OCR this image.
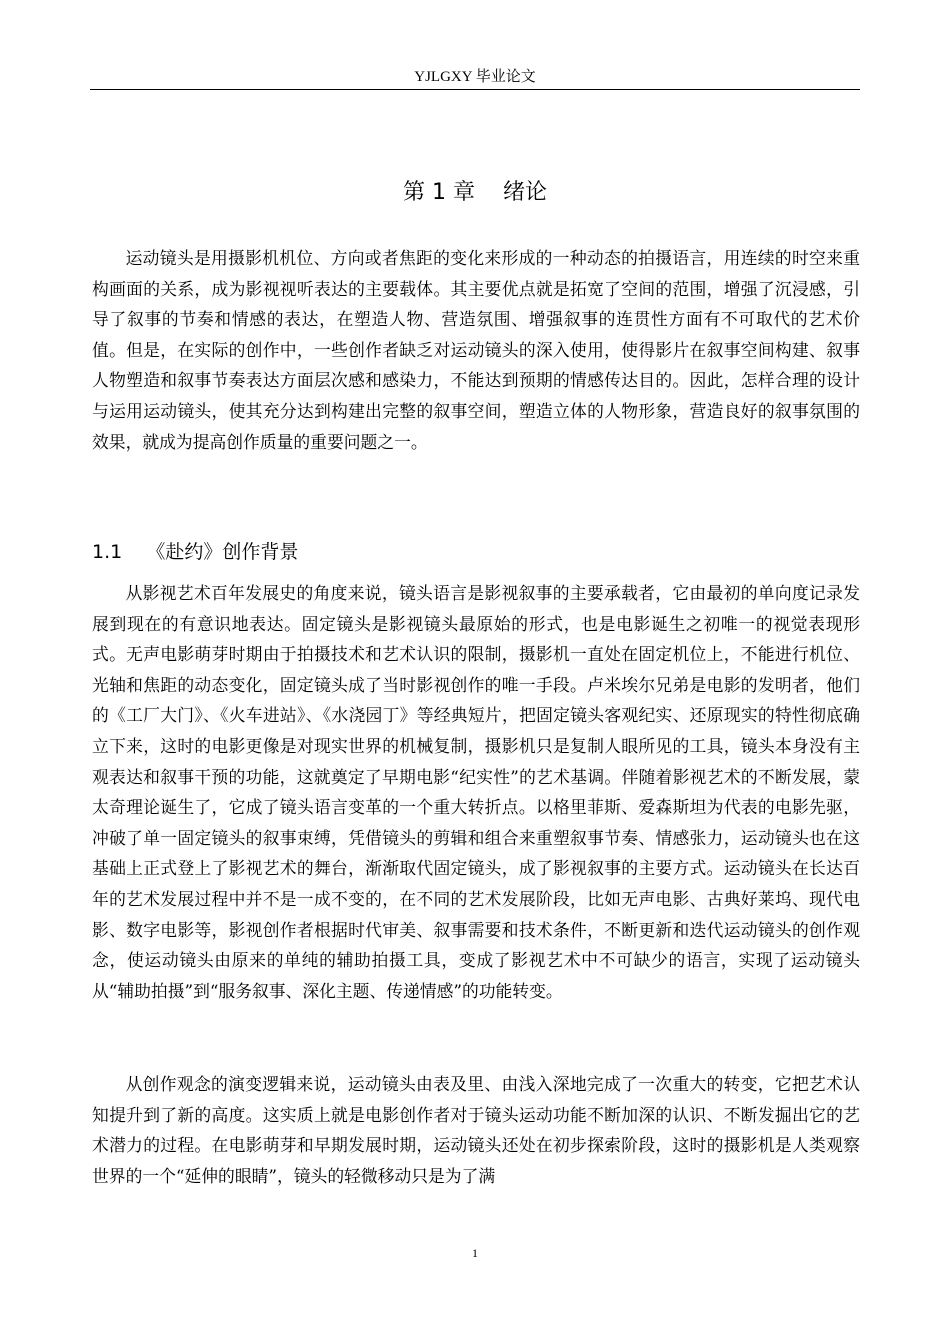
YJLGXY 毕业论文
第 1 章    绪论

运动镜头是用摄影机机位、方向或者焦距的变化来形成的一种动态的拍摄语言，用连续的时空来重构画面的关系，成为影视视听表达的主要载体。其主要优点就是拓宽了空间的范围，增强了沉浸感，引导了叙事的节奏和情感的表达，在塑造人物、营造氛围、增强叙事的连贯性方面有不可取代的艺术价值。但是，在实际的创作中，一些创作者缺乏对运动镜头的深入使用，使得影片在叙事空间构建、叙事人物塑造和叙事节奏表达方面层次感和感染力，不能达到预期的情感传达目的。因此，怎样合理的设计与运用运动镜头，使其充分达到构建出完整的叙事空间，塑造立体的人物形象，营造良好的叙事氛围的效果，就成为提高创作质量的重要问题之一。

1.1    《赴约》创作背景

从影视艺术百年发展史的角度来说，镜头语言是影视叙事的主要承载者，它由最初的单向度记录发展到现在的有意识地表达。固定镜头是影视镜头最原始的形式，也是电影诞生之初唯一的视觉表现形式。无声电影萌芽时期由于拍摄技术和艺术认识的限制，摄影机一直处在固定机位上，不能进行机位、光轴和焦距的动态变化，固定镜头成了当时影视创作的唯一手段。卢米埃尔兄弟是电影的发明者，他们的《工厂大门》、《火车进站》、《水浇园丁》等经典短片，把固定镜头客观纪实、还原现实的特性彻底确立下来，这时的电影更像是对现实世界的机械复制，摄影机只是复制人眼所见的工具，镜头本身没有主观表达和叙事干预的功能，这就奠定了早期电影“纪实性”的艺术基调。伴随着影视艺术的不断发展，蒙太奇理论诞生了，它成了镜头语言变革的一个重大转折点。以格里菲斯、爱森斯坦为代表的电影先驱，冲破了单一固定镜头的叙事束缚，凭借镜头的剪辑和组合来重塑叙事节奏、情感张力，运动镜头也在这基础上正式登上了影视艺术的舞台，渐渐取代固定镜头，成了影视叙事的主要方式。运动镜头在长达百年的艺术发展过程中并不是一成不变的，在不同的艺术发展阶段，比如无声电影、古典好莱坞、现代电影、数字电影等，影视创作者根据时代审美、叙事需要和技术条件，不断更新和迭代运动镜头的创作观念，使运动镜头由原来的单纯的辅助拍摄工具，变成了影视艺术中不可缺少的语言，实现了运动镜头从“辅助拍摄”到“服务叙事、深化主题、传递情感”的功能转变。

从创作观念的演变逻辑来说，运动镜头由表及里、由浅入深地完成了一次重大的转变，它把艺术认知提升到了新的高度。这实质上就是电影创作者对于镜头运动功能不断加深的认识、不断发掘出它的艺术潜力的过程。在电影萌芽和早期发展时期，运动镜头还处在初步探索阶段，这时的摄影机是人类观察世界的一个“延伸的眼睛”，镜头的轻微移动只是为了满

1
